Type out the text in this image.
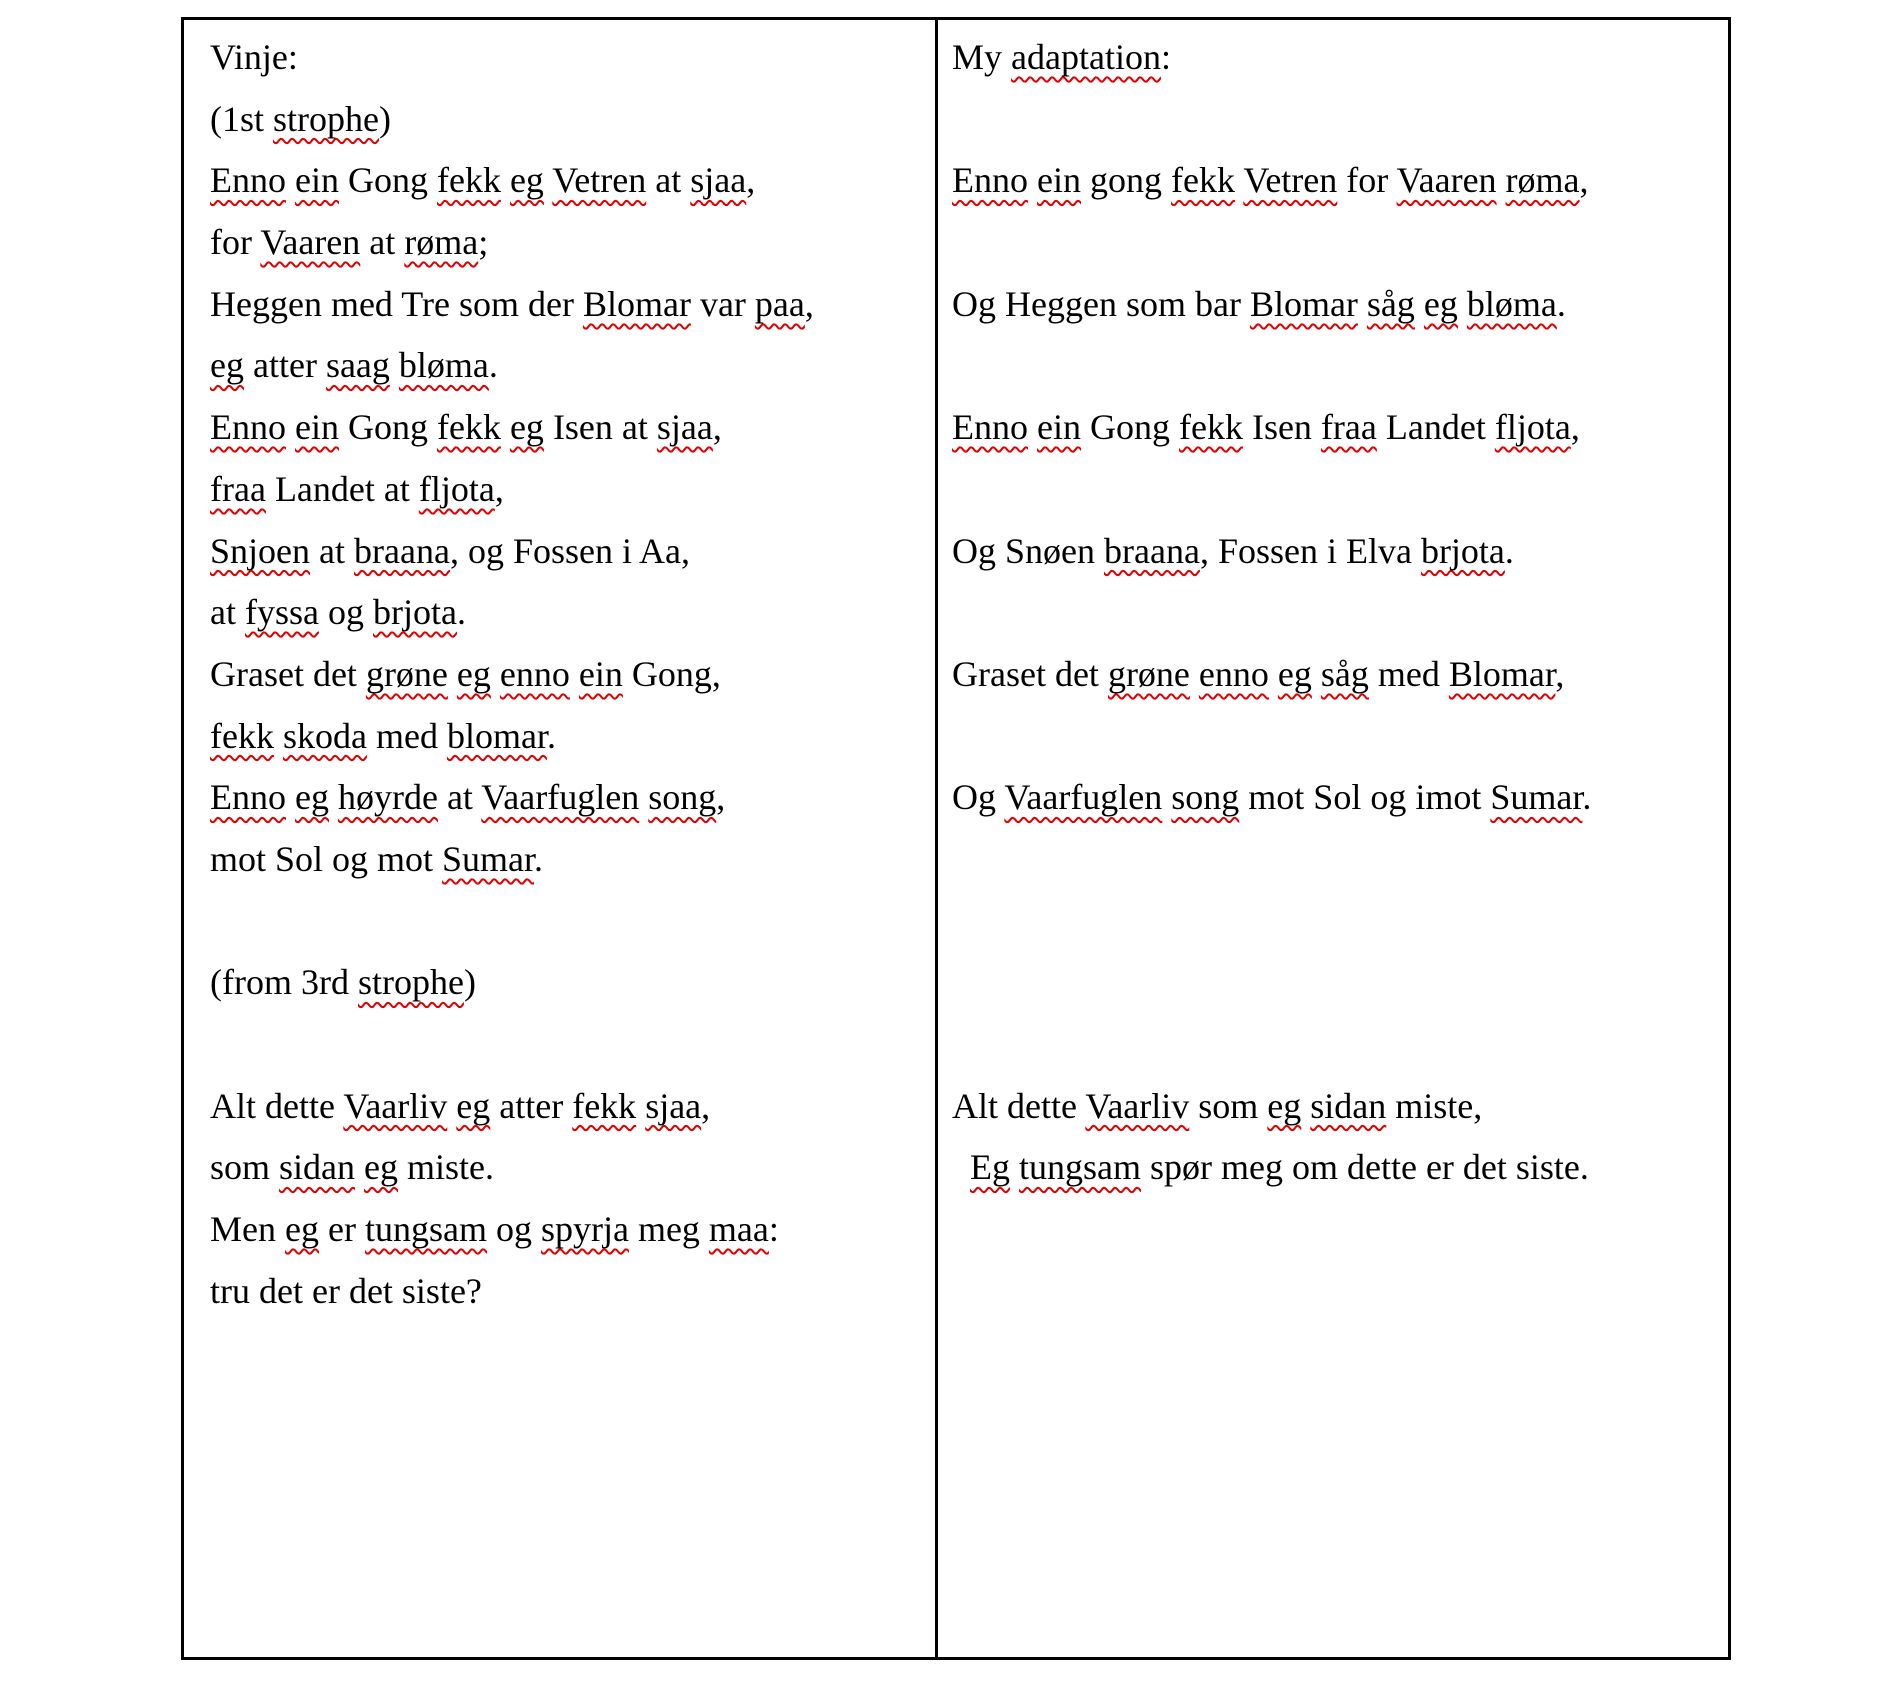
Vinje:
(1st strophe)
Enno ein Gong fekk eg Vetren at sjaa,
for Vaaren at røma;
Heggen med Tre som der Blomar var paa,
eg atter saag bløma.
Enno ein Gong fekk eg Isen at sjaa,
fraa Landet at fljota,
Snjoen at braana, og Fossen i Aa,
at fyssa og brjota.
Graset det grøne eg enno ein Gong,
fekk skoda med blomar.
Enno eg høyrde at Vaarfuglen song,
mot Sol og mot Sumar.

(from 3rd strophe)

Alt dette Vaarliv eg atter fekk sjaa,
som sidan eg miste.
Men eg er tungsam og spyrja meg maa:
tru det er det siste?
My adaptation:

Enno ein gong fekk Vetren for Vaaren røma,

Og Heggen som bar Blomar såg eg bløma.

Enno ein Gong fekk Isen fraa Landet fljota,

Og Snøen braana, Fossen i Elva brjota.

Graset det grøne enno eg såg med Blomar,

Og Vaarfuglen song mot Sol og imot Sumar.

Alt dette Vaarliv som eg sidan miste,
Eg tungsam spør meg om dette er det siste.
